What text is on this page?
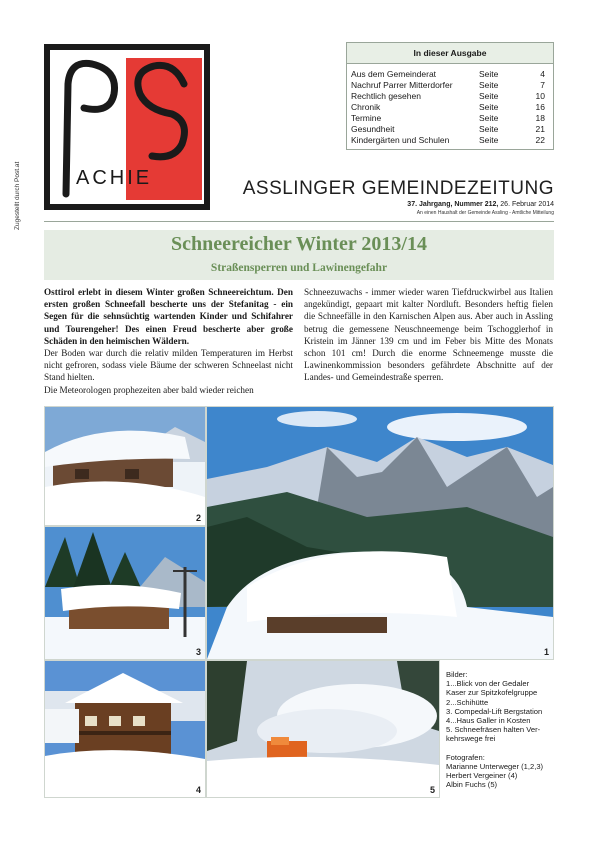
Zugestellt durch Post.at	ACHIE
In dieser Ausgabe
Aus dem Gemeinderat	Seite	4
Nachruf Parrer Mitterdorfer	Seite	7
Rechtlich gesehen	Seite	10
Chronik	Seite	16
Termine	Seite	18
Gesundheit	Seite	21
Kindergärten und Schulen	Seite	22
ASSLINGER GEMEINDEZEITUNG
37. Jahrgang, Nummer 212, 26. Februar 2014
An einen Haushalt der Gemeinde Assling - Amtliche Mitteilung
Schneereicher Winter 2013/14
Straßensperren und Lawinengefahr

Osttirol erlebt in diesem Winter großen Schneereichtum. Den ersten großen Schneefall bescherte uns der Stefanitag - ein Segen für die sehnsüchtig wartenden Kinder und Schifahrer und Tourengeher! Des einen Freud bescherte aber große Schäden in den heimischen Wäldern.

Der Boden war durch die relativ milden Temperaturen im Herbst nicht gefroren, sodass viele Bäume der schweren Schneelast nicht Stand hielten.

Die Meteorologen prophezeiten aber bald wieder reichen

Schneezuwachs - immer wieder waren Tiefdruckwirbel aus Italien angekündigt, gepaart mit kalter Nordluft. Besonders heftig fielen die Schneefälle in den Karnischen Alpen aus. Aber auch in Assling betrug die gemessene Neuschneemenge beim Tschogglerhof in Kristein im Jänner 139 cm und im Feber bis Mitte des Monats schon 101 cm! Durch die enorme Schneemenge musste die Lawinenkommission besonders gefährdete Abschnitte auf der Landes- und Gemeindestraße sperren.

2
1
3
4	5
Bilder:
1...Blick von der Gedaler
Kaser zur Spitzkofelgruppe
2...Schihütte
3. Compedal-Lift Bergstation
4...Haus Galler in Kosten
5. Schneefräsen halten Ver-
kehrswege frei
Fotografen:
Marianne Unterweger (1,2,3)
Herbert Vergeiner (4)
Albin Fuchs (5)
